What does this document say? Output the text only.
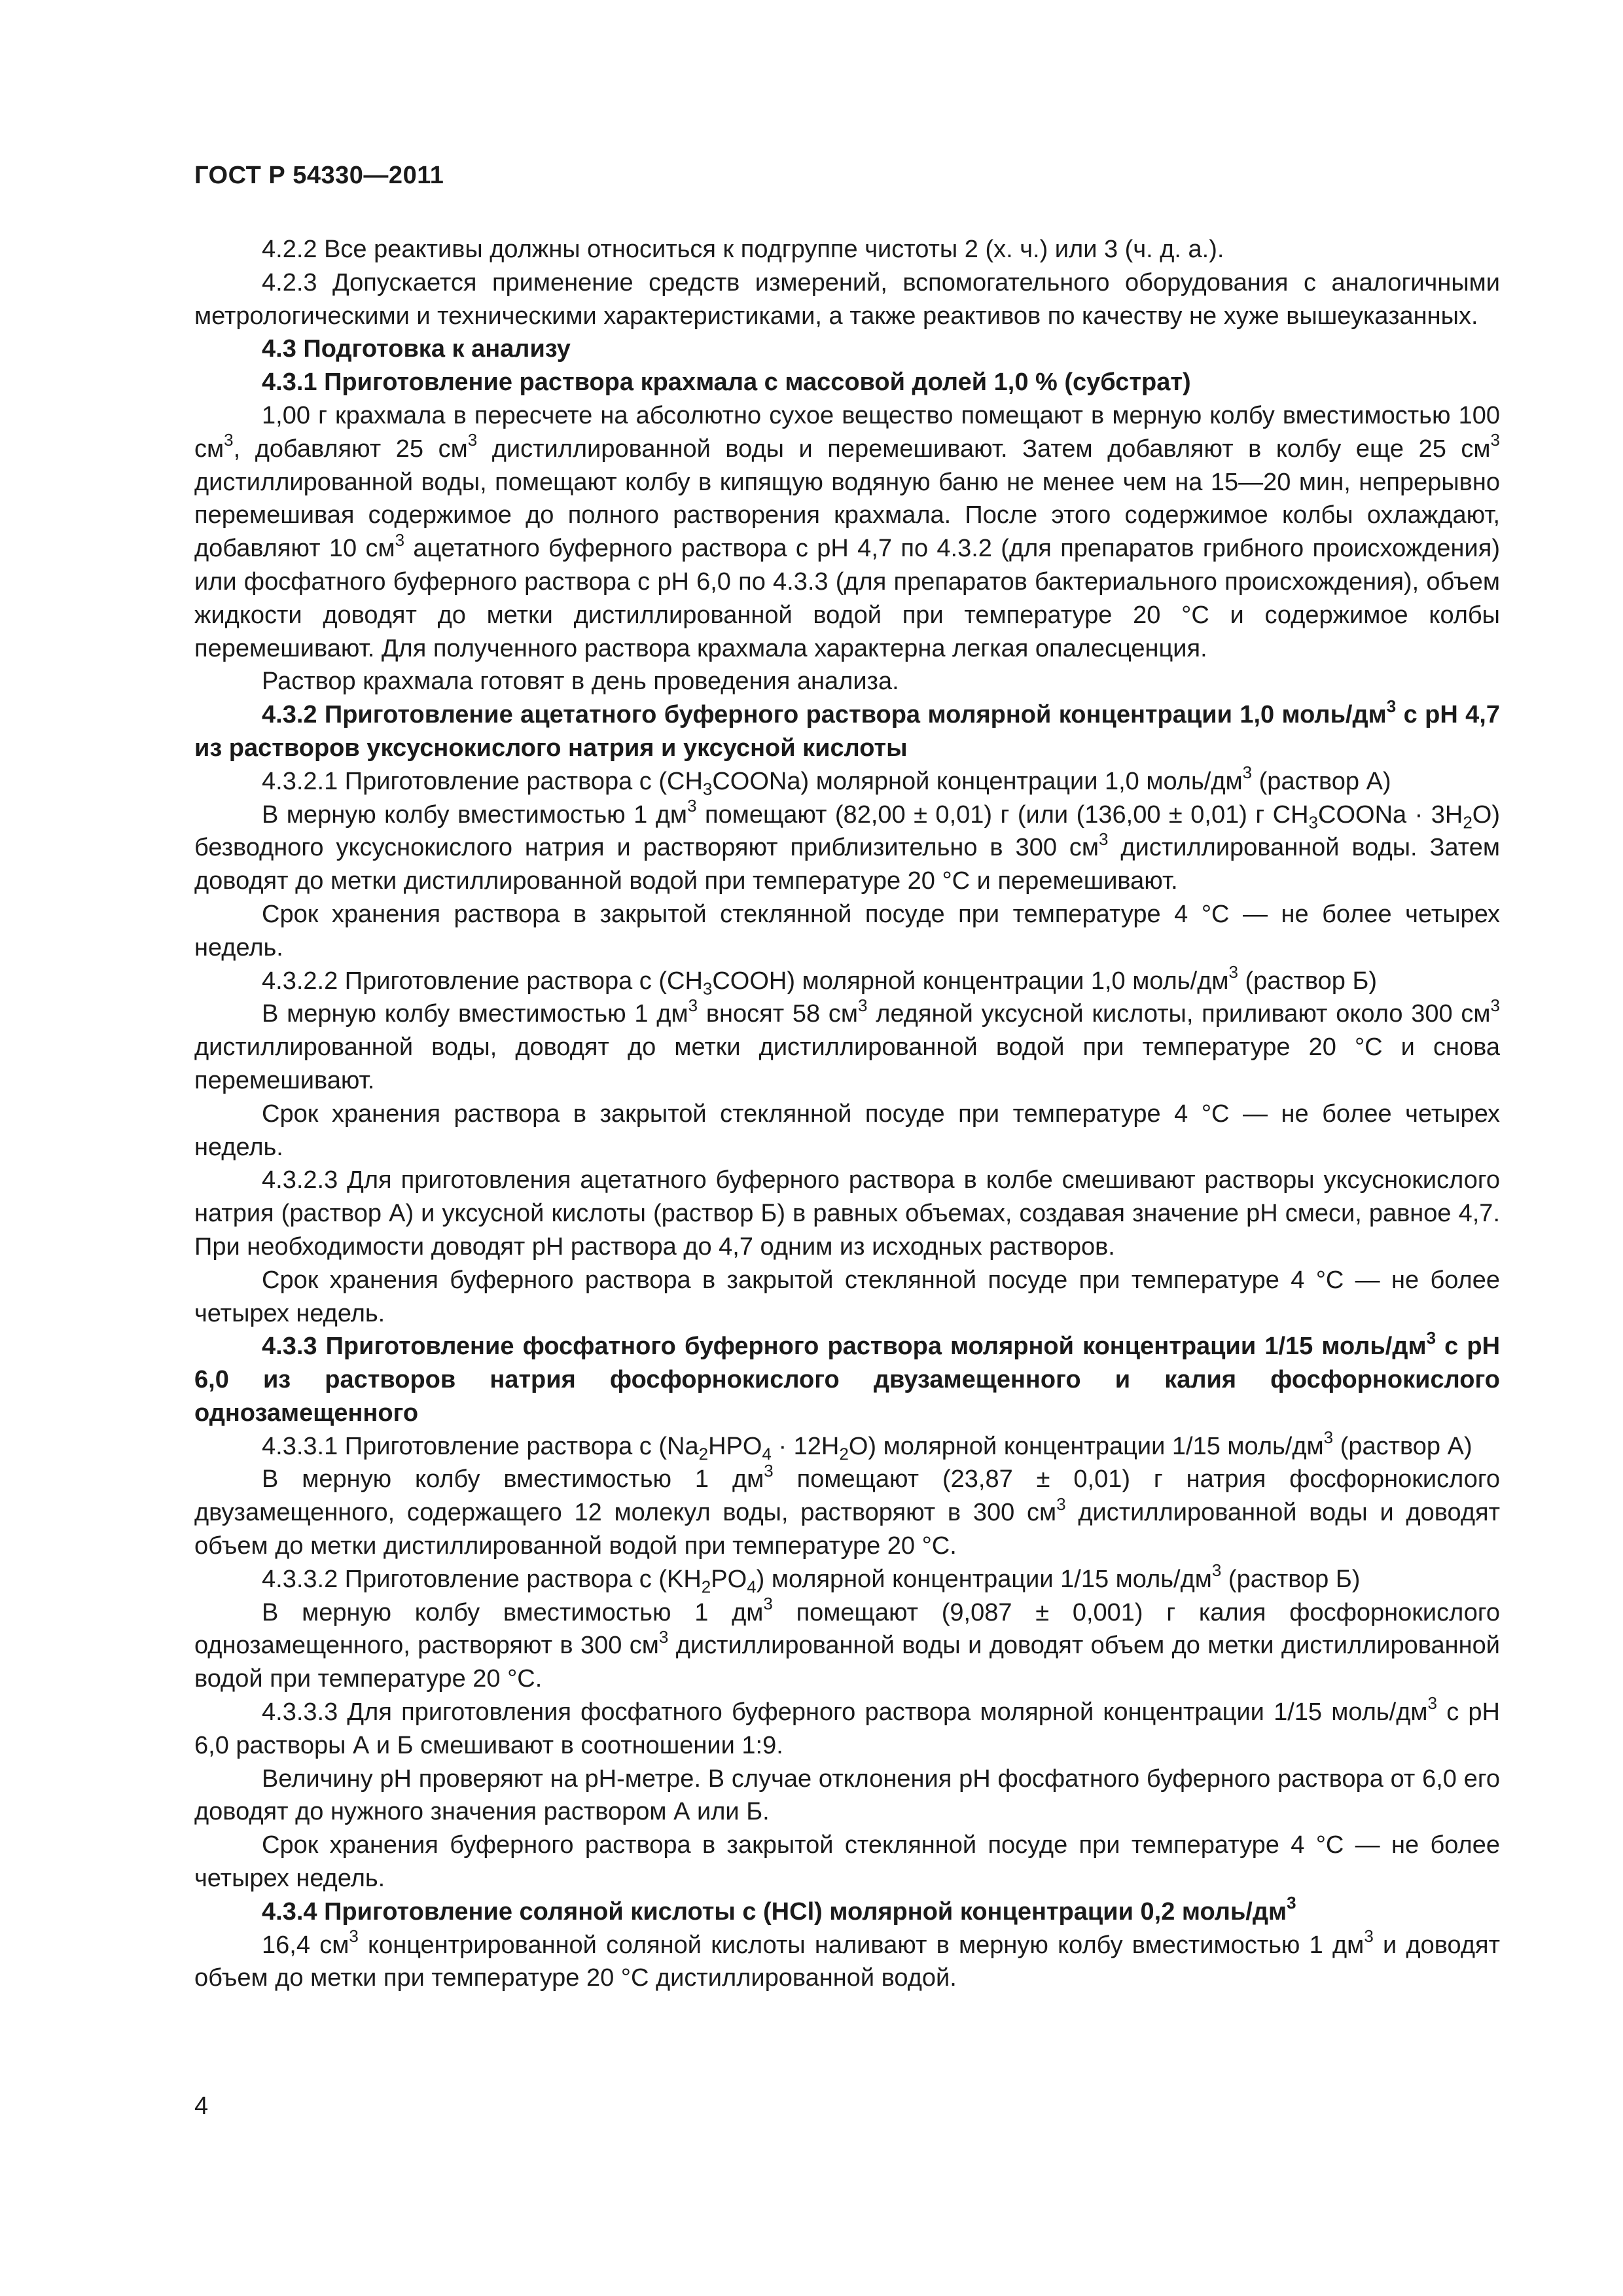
ГОСТ Р 54330—2011

4.2.2 Все реактивы должны относиться к подгруппе чистоты 2 (х. ч.) или 3 (ч. д. а.).

4.2.3 Допускается применение средств измерений, вспомогательного оборудования с аналогичными метрологическими и техническими характеристиками, а также реактивов по качеству не хуже вышеуказанных.

4.3 Подготовка к анализу

4.3.1 Приготовление раствора крахмала с массовой долей 1,0 % (субстрат)

1,00 г крахмала в пересчете на абсолютно сухое вещество помещают в мерную колбу вместимостью 100 $см^3$, добавляют 25 $см^3$ дистиллированной воды и перемешивают. Затем добавляют в колбу еще 25 $см^3$ дистиллированной воды, помещают колбу в кипящую водяную баню не менее чем на 15—20 мин, непрерывно перемешивая содержимое до полного растворения крахмала. После этого содержимое колбы охлаждают, добавляют 10 $см^3$ ацетатного буферного раствора с pH 4,7 по 4.3.2 (для препаратов грибного происхождения) или фосфатного буферного раствора с pH 6,0 по 4.3.3 (для препаратов бактериального происхождения), объем жидкости доводят до метки дистиллированной водой при температуре 20 °С и содержимое колбы перемешивают. Для полученного раствора крахмала характерна легкая опалесценция.

Раствор крахмала готовят в день проведения анализа.

4.3.2 Приготовление ацетатного буферного раствора молярной концентрации 1,0 моль/$дм^3$ с pH 4,7 из растворов уксуснокислого натрия и уксусной кислоты

4.3.2.1 Приготовление раствора с $(CH_3COONa)$ молярной концентрации 1,0 моль/$дм^3$ (раствор А)

В мерную колбу вместимостью 1 $дм^3$ помещают (82,00 ± 0,01) г (или (136,00 ± 0,01) г $CH_3COONa \cdot 3H_2O$) безводного уксуснокислого натрия и растворяют приблизительно в 300 $см^3$ дистиллированной воды. Затем доводят до метки дистиллированной водой при температуре 20 °С и перемешивают.

Срок хранения раствора в закрытой стеклянной посуде при температуре 4 °С — не более четырех недель.

4.3.2.2 Приготовление раствора с $(CH_3COOH)$ молярной концентрации 1,0 моль/$дм^3$ (раствор Б)

В мерную колбу вместимостью 1 $дм^3$ вносят 58 $см^3$ ледяной уксусной кислоты, приливают около 300 $см^3$ дистиллированной воды, доводят до метки дистиллированной водой при температуре 20 °С и снова перемешивают.

Срок хранения раствора в закрытой стеклянной посуде при температуре 4 °С — не более четырех недель.

4.3.2.3 Для приготовления ацетатного буферного раствора в колбе смешивают растворы уксуснокислого натрия (раствор А) и уксусной кислоты (раствор Б) в равных объемах, создавая значение pH смеси, равное 4,7. При необходимости доводят pH раствора до 4,7 одним из исходных растворов.

Срок хранения буферного раствора в закрытой стеклянной посуде при температуре 4 °С — не более четырех недель.

4.3.3 Приготовление фосфатного буферного раствора молярной концентрации 1/15 моль/$дм^3$ с pH 6,0 из растворов натрия фосфорнокислого двузамещенного и калия фосфорнокислого однозамещенного

4.3.3.1 Приготовление раствора с $(Na_2HPO_4 \cdot 12H_2O)$ молярной концентрации 1/15 моль/$дм^3$ (раствор А)

В мерную колбу вместимостью 1 $дм^3$ помещают (23,87 ± 0,01) г натрия фосфорнокислого двузамещенного, содержащего 12 молекул воды, растворяют в 300 $см^3$ дистиллированной воды и доводят объем до метки дистиллированной водой при температуре 20 °С.

4.3.3.2 Приготовление раствора с $(KH_2PO_4)$ молярной концентрации 1/15 моль/$дм^3$ (раствор Б)

В мерную колбу вместимостью 1 $дм^3$ помещают (9,087 ± 0,001) г калия фосфорнокислого однозамещенного, растворяют в 300 $см^3$ дистиллированной воды и доводят объем до метки дистиллированной водой при температуре 20 °С.

4.3.3.3 Для приготовления фосфатного буферного раствора молярной концентрации 1/15 моль/$дм^3$ с pH 6,0 растворы А и Б смешивают в соотношении 1:9.

Величину pH проверяют на pH-метре. В случае отклонения pH фосфатного буферного раствора от 6,0 его доводят до нужного значения раствором А или Б.

Срок хранения буферного раствора в закрытой стеклянной посуде при температуре 4 °С — не более четырех недель.

4.3.4 Приготовление соляной кислоты с (HCl) молярной концентрации 0,2 моль/$дм^3$

16,4 $см^3$ концентрированной соляной кислоты наливают в мерную колбу вместимостью 1 $дм^3$ и доводят объем до метки при температуре 20 °С дистиллированной водой.

4
